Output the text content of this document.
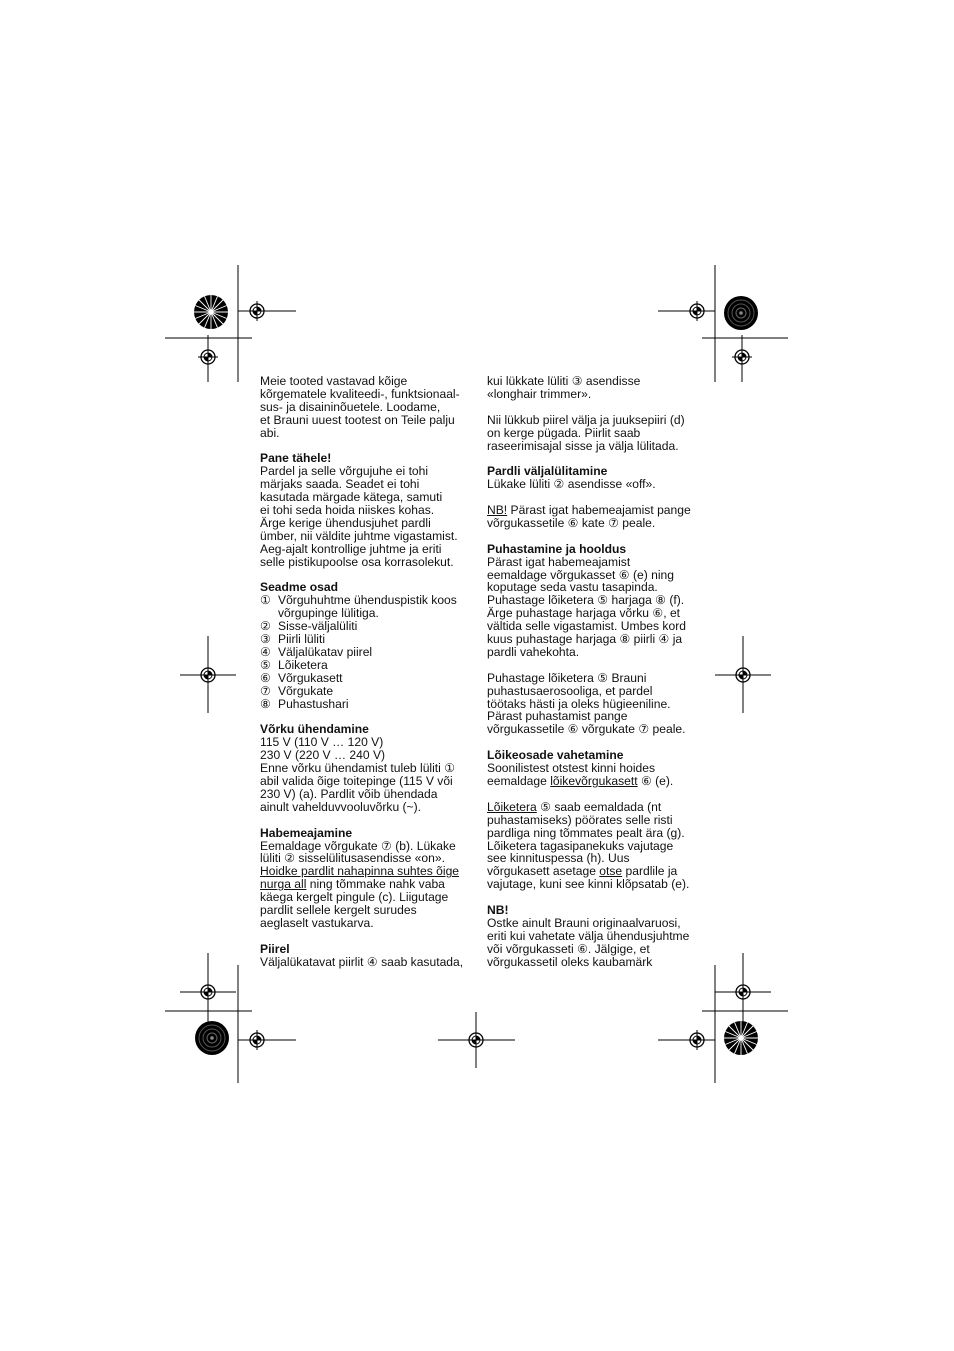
Meie tooted vastavad kõige
kõrgematele kvaliteedi-, funktsionaal-
sus- ja disaininõuetele. Loodame,
et Brauni uuest tootest on Teile palju
abi.
Pane tähele!
Pardel ja selle võrgujuhe ei tohi
märjaks saada. Seadet ei tohi
kasutada märgade kätega, samuti
ei tohi seda hoida niiskes kohas.
Ärge kerige ühendusjuhet pardli
ümber, nii väldite juhtme vigastamist.
Aeg-ajalt kontrollige juhtme ja eriti
selle pistikupoolse osa korrasolekut.
Seadme osad
① Võrguhuhtme ühenduspistik koos
võrgupinge lülitiga.
② Sisse-väljalüliti
③ Piirli lüliti
④ Väljalükatav piirel
⑤ Lõiketera
⑥ Võrgukasett
⑦ Võrgukate
⑧ Puhastushari
Võrku ühendamine
115 V (110 V … 120 V)
230 V (220 V … 240 V)
Enne võrku ühendamist tuleb lüliti ①
abil valida õige toitepinge (115 V või
230 V) (a). Pardlit võib ühendada
ainult vahelduvvooluvõrku (~).
Habemeajamine
Eemaldage võrgukate ⑦ (b). Lükake
lüliti ② sisselülitusasendisse «on».
Hoidke pardlit nahapinna suhtes õige
nurga all ning tõmmake nahk vaba
käega kergelt pingule (c). Liigutage
pardlit sellele kergelt surudes
aeglaselt vastukarva.
Piirel
Väljalükatavat piirlit ④ saab kasutada,
kui lükkate lüliti ③ asendisse
«longhair trimmer».
Nii lükkub piirel välja ja juuksepiiri (d)
on kerge pügada. Piirlit saab
raseerimisajal sisse ja välja lülitada.
Pardli väljalülitamine
Lükake lüliti ② asendisse «off».
NB! Pärast igat habemeajamist pange
võrgukassetile ⑥ kate ⑦ peale.
Puhastamine ja hooldus
Pärast igat habemeajamist
eemaldage võrgukasset ⑥ (e) ning
koputage seda vastu tasapinda.
Puhastage lõiketera ⑤ harjaga ⑧ (f).
Ärge puhastage harjaga võrku ⑥, et
vältida selle vigastamist. Umbes kord
kuus puhastage harjaga ⑧ piirli ④ ja
pardli vahekohta.
Puhastage lõiketera ⑤ Brauni
puhastusaerosooliga, et pardel
töötaks hästi ja oleks hügieeniline.
Pärast puhastamist pange
võrgukassetile ⑥ võrgukate ⑦ peale.
Lõikeosade vahetamine
Soonilistest otstest kinni hoides
eemaldage lõikevõrgukasett ⑥ (e).
Lõiketera ⑤ saab eemaldada (nt
puhastamiseks) pöörates selle risti
pardliga ning tõmmates pealt ära (g).
Lõiketera tagasipanekuks vajutage
see kinnituspessa (h). Uus
võrgukasett asetage otse pardlile ja
vajutage, kuni see kinni klõpsatab (e).
NB!
Ostke ainult Brauni originaalvaruosi,
eriti kui vahetate välja ühendusjuhtme
või võrgukasseti ⑥. Jälgige, et
võrgukassetil oleks kaubamärk
